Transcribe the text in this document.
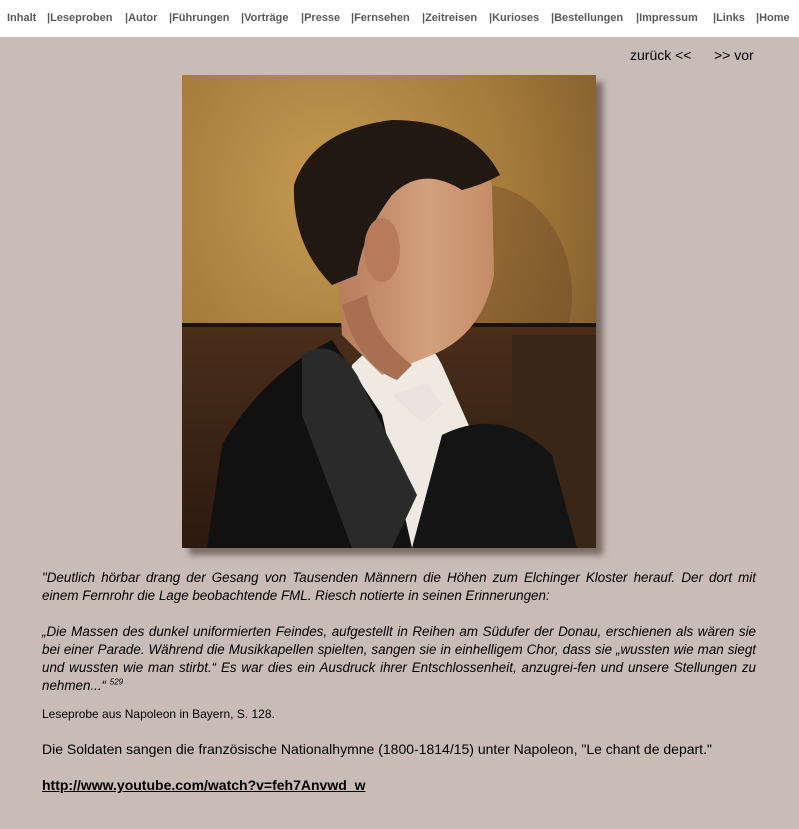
Inhalt |Leseproben |Autor |Führungen |Vorträge |Presse |Fernsehen |Zeitreisen |Kurioses |Bestellungen |Impressum |Links |Home
zurück << >> vor

"Deutlich hörbar drang der Gesang von Tausenden Männern die Höhen zum Elchinger Kloster herauf. Der dort mit einem Fernrohr die Lage beobachtende FML. Riesch notierte in seinen Erinnerungen:

„Die Massen des dunkel uniformierten Feindes, aufgestellt in Reihen am Südufer der Donau, erschienen als wären sie bei einer Parade. Während die Musikkapellen spielten, sangen sie in einhelligem Chor, dass sie „wussten wie man siegt und wussten wie man stirbt.“ Es war dies ein Ausdruck ihrer Entschlossenheit, anzugrei-fen und unsere Stellungen zu nehmen...“ $^{529}$

Leseprobe aus Napoleon in Bayern, S. 128.
Die Soldaten sangen die französische Nationalhymne (1800-1814/15) unter Napoleon, "Le chant de depart."
http://www.youtube.com/watch?v=feh7Anvwd_w
